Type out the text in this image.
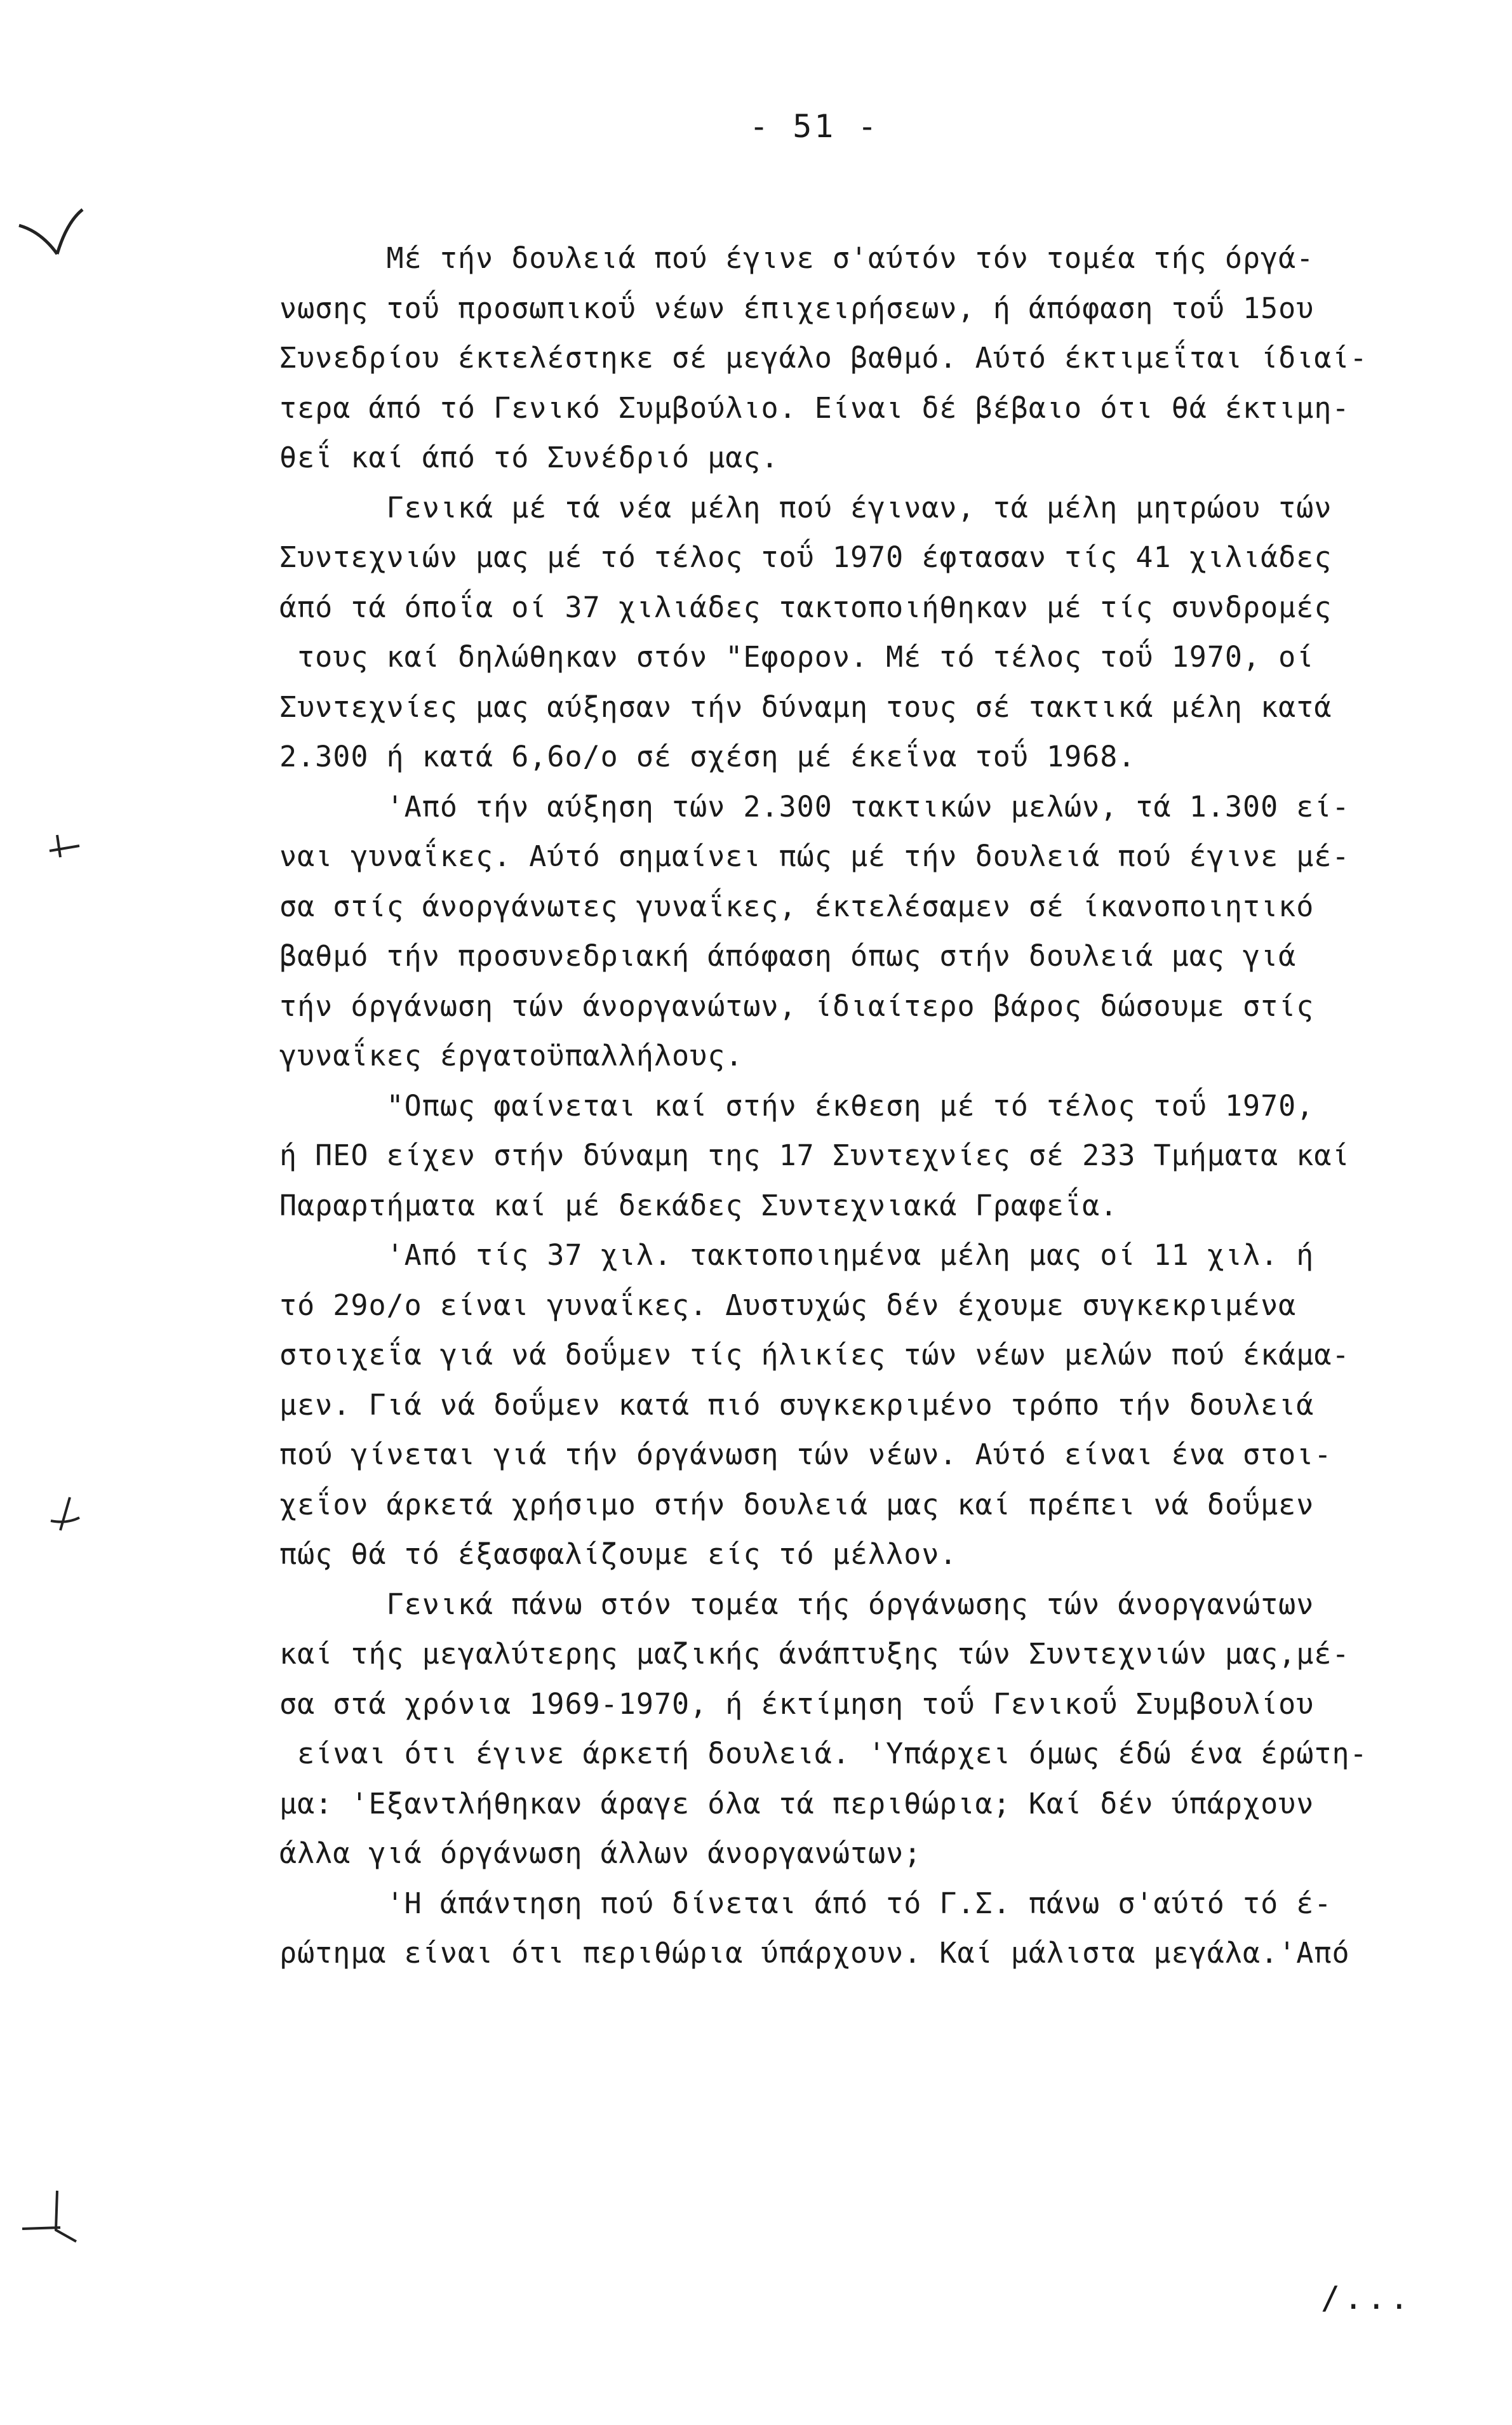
- 51 -
Μέ τήν δουλειά πού έγινε σ'αύτόν τόν τομέα τής όργά-
νωσης τοΰ προσωπικοΰ νέων έπιχειρήσεων, ή άπόφαση τοΰ 15ου
Συνεδρίου έκτελέστηκε σέ μεγάλο βαθμό. Αύτό έκτιμεΐται ίδιαί-
τερα άπό τό Γενικό Συμβούλιο. Είναι δέ βέβαιο ότι θά έκτιμη-
θεΐ καί άπό τό Συνέδριό μας.
Γενικά μέ τά νέα μέλη πού έγιναν, τά μέλη μητρώου τών
Συντεχνιών μας μέ τό τέλος τοΰ 1970 έφτασαν τίς 41 χιλιάδες
άπό τά όποΐα οί 37 χιλιάδες τακτοποιήθηκαν μέ τίς συνδρομές
τους καί δηλώθηκαν στόν "Εφορον. Μέ τό τέλος τοΰ 1970, οί
Συντεχνίες μας αύξησαν τήν δύναμη τους σέ τακτικά μέλη κατά
2.300 ή κατά 6,6ο/ο σέ σχέση μέ έκεΐνα τοΰ 1968.
'Από τήν αύξηση τών 2.300 τακτικών μελών, τά 1.300 εί-
ναι γυναΐκες. Αύτό σημαίνει πώς μέ τήν δουλειά πού έγινε μέ-
σα στίς άνοργάνωτες γυναΐκες, έκτελέσαμεν σέ ίκανοποιητικό
βαθμό τήν προσυνεδριακή άπόφαση όπως στήν δουλειά μας γιά
τήν όργάνωση τών άνοργανώτων, ίδιαίτερο βάρος δώσουμε στίς
γυναΐκες έργατοϋπαλλήλους.
"Οπως φαίνεται καί στήν έκθεση μέ τό τέλος τοΰ 1970,
ή ΠΕΟ είχεν στήν δύναμη της 17 Συντεχνίες σέ 233 Τμήματα καί
Παραρτήματα καί μέ δεκάδες Συντεχνιακά Γραφεΐα.
'Από τίς 37 χιλ. τακτοποιημένα μέλη μας οί 11 χιλ. ή
τό 29ο/ο είναι γυναΐκες. Δυστυχώς δέν έχουμε συγκεκριμένα
στοιχεΐα γιά νά δοΰμεν τίς ήλικίες τών νέων μελών πού έκάμα-
μεν. Γιά νά δοΰμεν κατά πιό συγκεκριμένο τρόπο τήν δουλειά
πού γίνεται γιά τήν όργάνωση τών νέων. Αύτό είναι ένα στοι-
χεΐον άρκετά χρήσιμο στήν δουλειά μας καί πρέπει νά δοΰμεν
πώς θά τό έξασφαλίζουμε είς τό μέλλον.
Γενικά πάνω στόν τομέα τής όργάνωσης τών άνοργανώτων
καί τής μεγαλύτερης μαζικής άνάπτυξης τών Συντεχνιών μας,μέ-
σα στά χρόνια 1969-1970, ή έκτίμηση τοΰ Γενικοΰ Συμβουλίου
είναι ότι έγινε άρκετή δουλειά. 'Υπάρχει όμως έδώ ένα έρώτη-
μα: 'Εξαντλήθηκαν άραγε όλα τά περιθώρια; Καί δέν ύπάρχουν
άλλα γιά όργάνωση άλλων άνοργανώτων;
'Η άπάντηση πού δίνεται άπό τό Γ.Σ. πάνω σ'αύτό τό έ-
ρώτημα είναι ότι περιθώρια ύπάρχουν. Καί μάλιστα μεγάλα.'Από
/...
